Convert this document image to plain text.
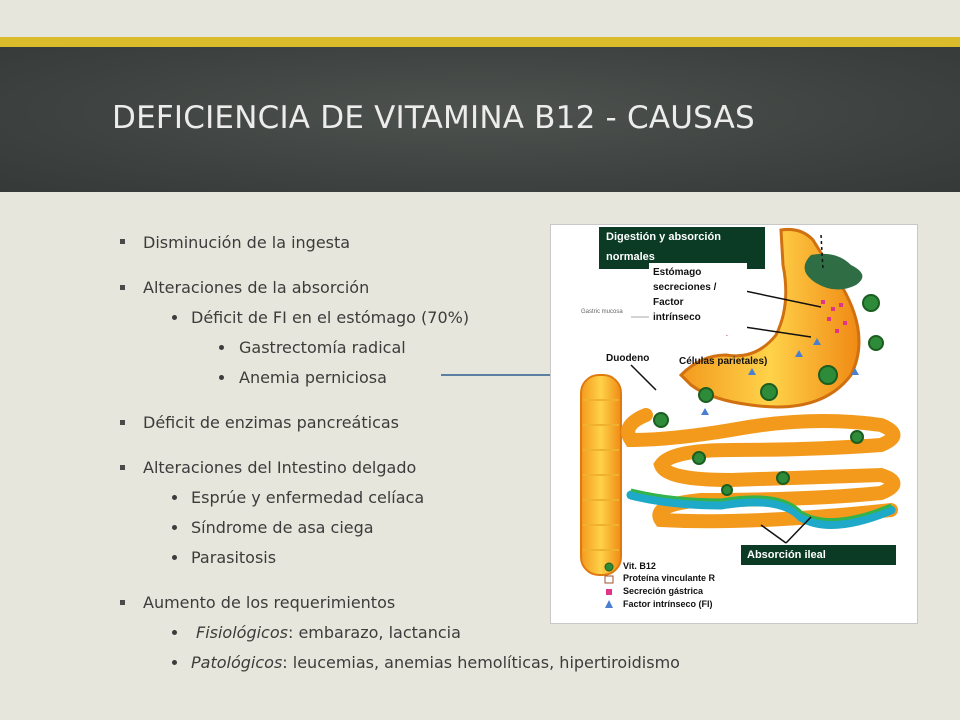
DEFICIENCIA DE VITAMINA B12 - CAUSAS
Disminución de la ingesta
Alteraciones de la absorción
Déficit de FI en el estómago (70%)
Gastrectomía radical
Anemia perniciosa
Déficit de enzimas pancreáticas
Alteraciones del Intestino delgado
Esprúe y enfermedad celíaca
Síndrome de asa ciega
Parasitosis
Aumento de los requerimientos
Fisiológicos: embarazo, lactancia
Patológicos: leucemias, anemias hemolíticas, hipertiroidismo
Digestión y absorción
normales
Estómago
secreciones /
Factor
intrínseco
Gastric mucosa
Duodeno	Células parietales)
Absorción ileal
Vit. B12
Proteína vinculante R
Secreción gástrica
Factor intrínseco (FI)
